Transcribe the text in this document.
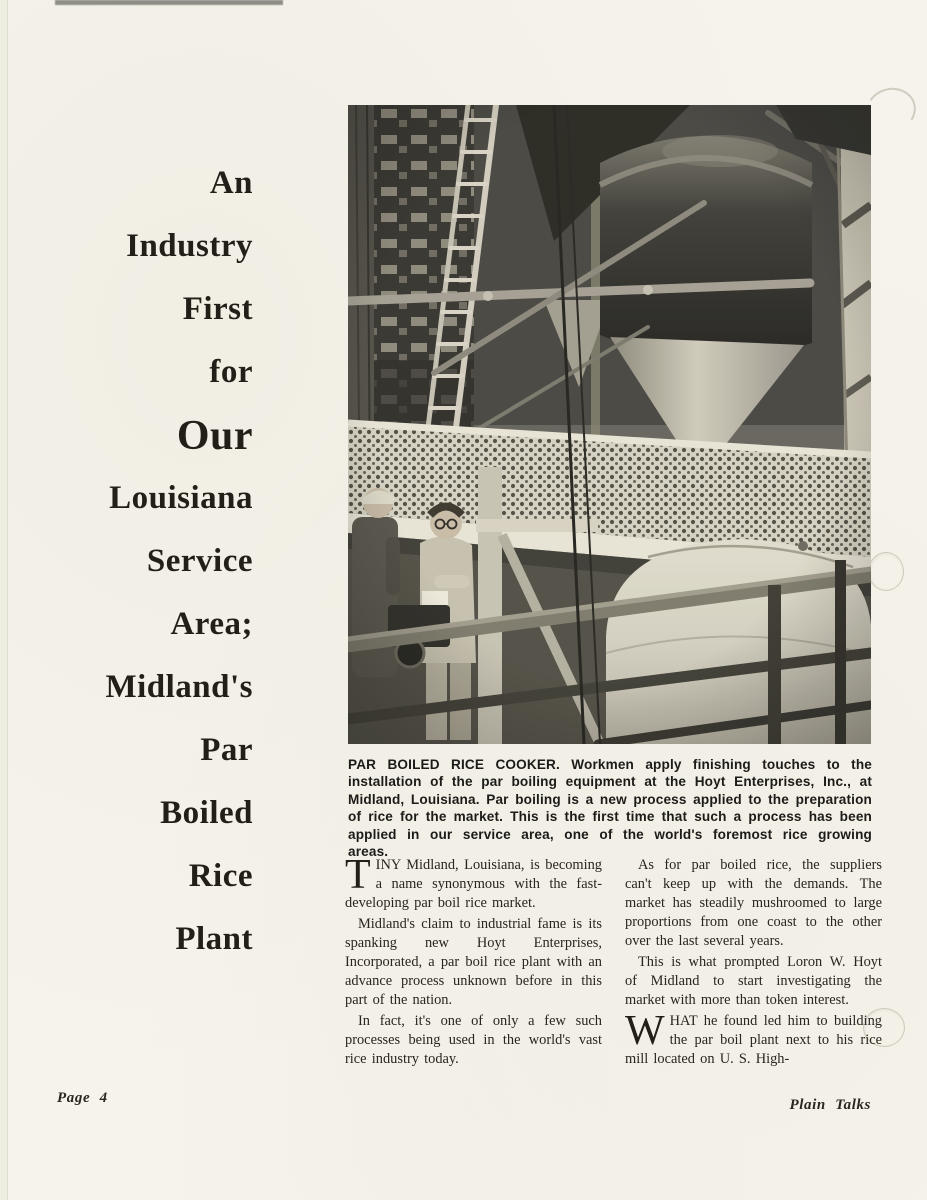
An
Industry
First
for
Our
Louisiana
Service
Area;
Midland's
Par
Boiled
Rice
Plant
PAR BOILED RICE COOKER. Workmen apply finishing touches to the installation of the par boiling equipment at the Hoyt Enterprises, Inc., at Midland, Louisiana. Par boiling is a new process applied to the preparation of rice for the market. This is the first time that such a process has been applied in our service area, one of the world's foremost rice growing areas.

TINY Midland, Louisiana, is becoming a name synonymous with the fast-developing par boil rice market.

Midland's claim to industrial fame is its spanking new Hoyt Enterprises, Incorporated, a par boil rice plant with an advance process unknown before in this part of the nation.

In fact, it's one of only a few such processes being used in the world's vast rice industry today.

As for par boiled rice, the suppliers can't keep up with the demands. The market has steadily mushroomed to large proportions from one coast to the other over the last several years.

This is what prompted Loron W. Hoyt of Midland to start investigating the market with more than token interest.

WHAT he found led him to building the par boil plant next to his rice mill located on U. S. High-

Page 4	Plain Talks
